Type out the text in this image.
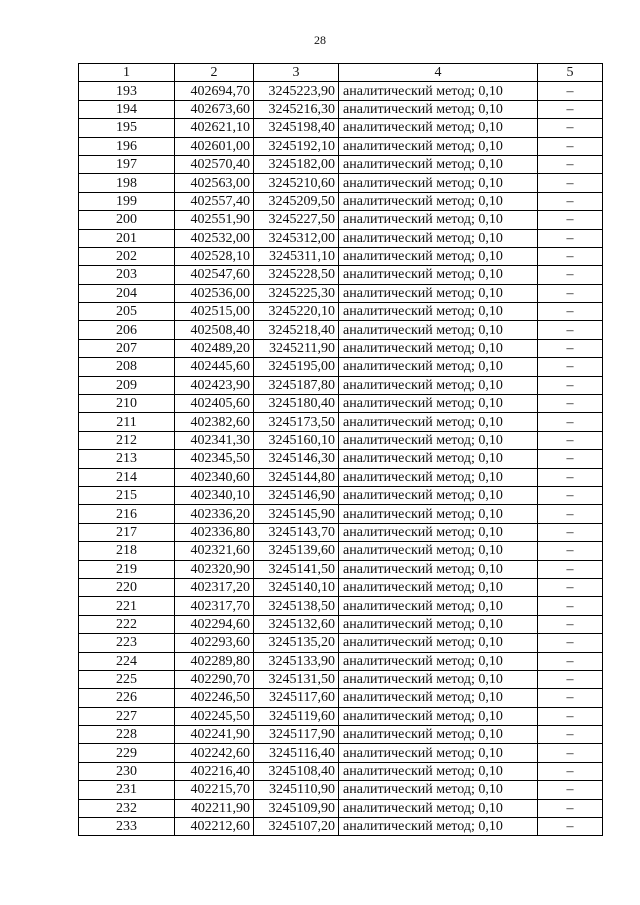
28
1	2	3	4	5
193	402694,70	3245223,90	аналитический метод; 0,10	–
194	402673,60	3245216,30	аналитический метод; 0,10	–
195	402621,10	3245198,40	аналитический метод; 0,10	–
196	402601,00	3245192,10	аналитический метод; 0,10	–
197	402570,40	3245182,00	аналитический метод; 0,10	–
198	402563,00	3245210,60	аналитический метод; 0,10	–
199	402557,40	3245209,50	аналитический метод; 0,10	–
200	402551,90	3245227,50	аналитический метод; 0,10	–
201	402532,00	3245312,00	аналитический метод; 0,10	–
202	402528,10	3245311,10	аналитический метод; 0,10	–
203	402547,60	3245228,50	аналитический метод; 0,10	–
204	402536,00	3245225,30	аналитический метод; 0,10	–
205	402515,00	3245220,10	аналитический метод; 0,10	–
206	402508,40	3245218,40	аналитический метод; 0,10	–
207	402489,20	3245211,90	аналитический метод; 0,10	–
208	402445,60	3245195,00	аналитический метод; 0,10	–
209	402423,90	3245187,80	аналитический метод; 0,10	–
210	402405,60	3245180,40	аналитический метод; 0,10	–
211	402382,60	3245173,50	аналитический метод; 0,10	–
212	402341,30	3245160,10	аналитический метод; 0,10	–
213	402345,50	3245146,30	аналитический метод; 0,10	–
214	402340,60	3245144,80	аналитический метод; 0,10	–
215	402340,10	3245146,90	аналитический метод; 0,10	–
216	402336,20	3245145,90	аналитический метод; 0,10	–
217	402336,80	3245143,70	аналитический метод; 0,10	–
218	402321,60	3245139,60	аналитический метод; 0,10	–
219	402320,90	3245141,50	аналитический метод; 0,10	–
220	402317,20	3245140,10	аналитический метод; 0,10	–
221	402317,70	3245138,50	аналитический метод; 0,10	–
222	402294,60	3245132,60	аналитический метод; 0,10	–
223	402293,60	3245135,20	аналитический метод; 0,10	–
224	402289,80	3245133,90	аналитический метод; 0,10	–
225	402290,70	3245131,50	аналитический метод; 0,10	–
226	402246,50	3245117,60	аналитический метод; 0,10	–
227	402245,50	3245119,60	аналитический метод; 0,10	–
228	402241,90	3245117,90	аналитический метод; 0,10	–
229	402242,60	3245116,40	аналитический метод; 0,10	–
230	402216,40	3245108,40	аналитический метод; 0,10	–
231	402215,70	3245110,90	аналитический метод; 0,10	–
232	402211,90	3245109,90	аналитический метод; 0,10	–
233	402212,60	3245107,20	аналитический метод; 0,10	–
